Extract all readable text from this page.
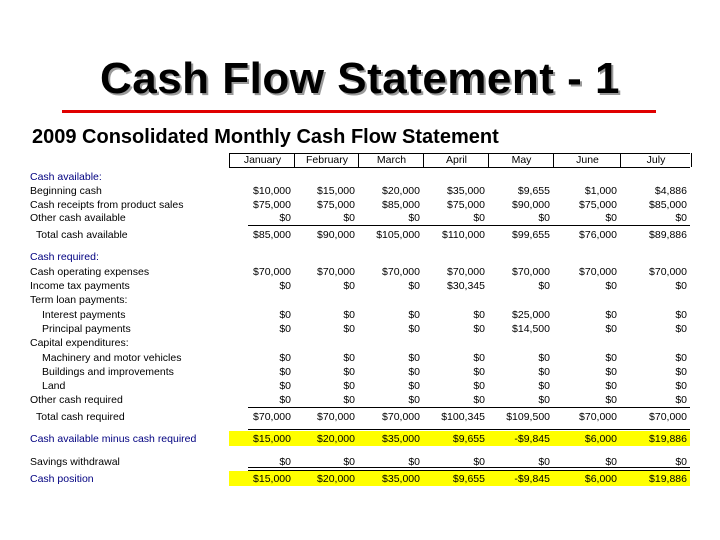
Cash Flow Statement - 1
2009 Consolidated Monthly Cash Flow Statement
January	February	March	April	May	June	July
Cash available:
Beginning cash	$10,000	$15,000	$20,000	$35,000	$9,655	$1,000	$4,886
Cash receipts from product sales	$75,000	$75,000	$85,000	$75,000	$90,000	$75,000	$85,000
Other cash available	$0	$0	$0	$0	$0	$0	$0
Total cash available	$85,000	$90,000	$105,000	$110,000	$99,655	$76,000	$89,886
Cash required:
Cash operating expenses	$70,000	$70,000	$70,000	$70,000	$70,000	$70,000	$70,000
Income tax payments	$0	$0	$0	$30,345	$0	$0	$0
Term loan payments:
Interest payments	$0	$0	$0	$0	$25,000	$0	$0
Principal payments	$0	$0	$0	$0	$14,500	$0	$0
Capital expenditures:
Machinery and motor vehicles	$0	$0	$0	$0	$0	$0	$0
Buildings and improvements	$0	$0	$0	$0	$0	$0	$0
Land	$0	$0	$0	$0	$0	$0	$0
Other cash required	$0	$0	$0	$0	$0	$0	$0
Total cash required	$70,000	$70,000	$70,000	$100,345	$109,500	$70,000	$70,000
Cash available minus cash required	$15,000	$20,000	$35,000	$9,655	-$9,845	$6,000	$19,886
Savings withdrawal	$0	$0	$0	$0	$0	$0	$0
Cash position	$15,000	$20,000	$35,000	$9,655	-$9,845	$6,000	$19,886
